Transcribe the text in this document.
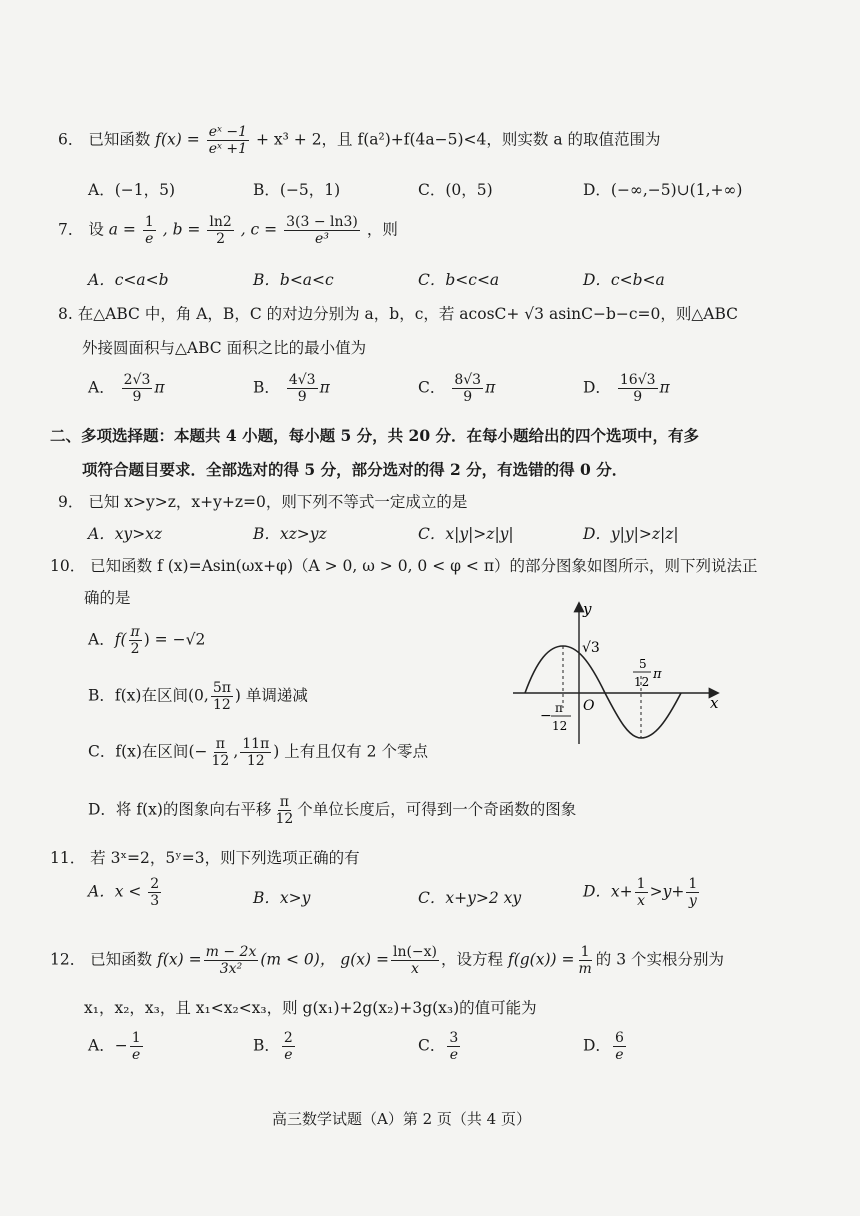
6． 已知函数 $f(x) = \frac{\text{eˣ −1}}{\text{eˣ +1}} + x^3 + 2$，且 f(a²)+f(4a−5)<4，则实数 a 的取值范围为
A．(−1，5)	B．(−5，1)	C．(0，5)	D．(−∞,−5)∪(1,+∞)
7． 设 $a = \frac{1}{e}$ , $b = \frac{\ln 2}{2}$ , $c = \frac{3(3 - \ln 3)}{\text{e³}}$ ，则
A．c<a<b	B．b<a<c	C．b<c<a	D．c<b<a
8. 在△ABC 中，角 A，B，C 的对边分别为 a，b，c，若 acosC+ √3 asinC−b−c=0，则△ABC
外接圆面积与△ABC 面积之比的最小值为
A． $\frac{2√3}{9}$ π	B． $\frac{4√3}{9}$ π	C． $\frac{8√3}{9}$ π	D． $\frac{16√3}{9}$ π
二、多项选择题：本题共 4 小题，每小题 5 分，共 20 分．在每小题给出的四个选项中，有多
项符合题目要求．全部选对的得 5 分，部分选对的得 2 分，有选错的得 0 分．
9． 已知 x>y>z，x+y+z=0，则下列不等式一定成立的是
A．xy>xz	B．xz>yz	C．x|y|>z|y|	D．y|y|>z|z|
10． 已知函数 f (x)=Asin(ωx+φ)（A > 0, ω > 0, 0 < φ < π）的部分图象如图所示，则下列说法正
确的是
A．$f( \frac{\pi}{2}$ ) = −√2
B．f(x)在区间(0, $\frac{5\pi}{12}$ ) 单调递减
C．f(x)在区间(− $\frac{\pi}{12}$ , $\frac{11\pi}{12}$ ) 上有且仅有 2 个零点
D．将 f(x)的图象向右平移 $\frac{\pi}{12}$ 个单位长度后，可得到一个奇函数的图象
y
x
O
√3
− π
12
5
12 π
11． 若 3ˣ=2，5ʸ=3，则下列选项正确的有
A．$x < \frac{2}{3}$	B．x>y	C．x+y>2 xy	D．$x+ \frac{1}{x} >y+ \frac{1}{y}$
12． 已知函数 $f(x) = \frac{m - 2x}{\text{3x²}} (m < 0)$， $g(x) = \frac{\ln(-x)}{x}$ ，设方程 $f(g(x)) = \frac{1}{m}$ 的 3 个实根分别为
x₁，x₂，x₃，且 x₁<x₂<x₃，则 g(x₁)+2g(x₂)+3g(x₃)的值可能为
A．− $\frac{1}{e}$	B． $\frac{2}{e}$	C． $\frac{3}{e}$	D． $\frac{6}{e}$
高三数学试题（A）第 2 页（共 4 页）
